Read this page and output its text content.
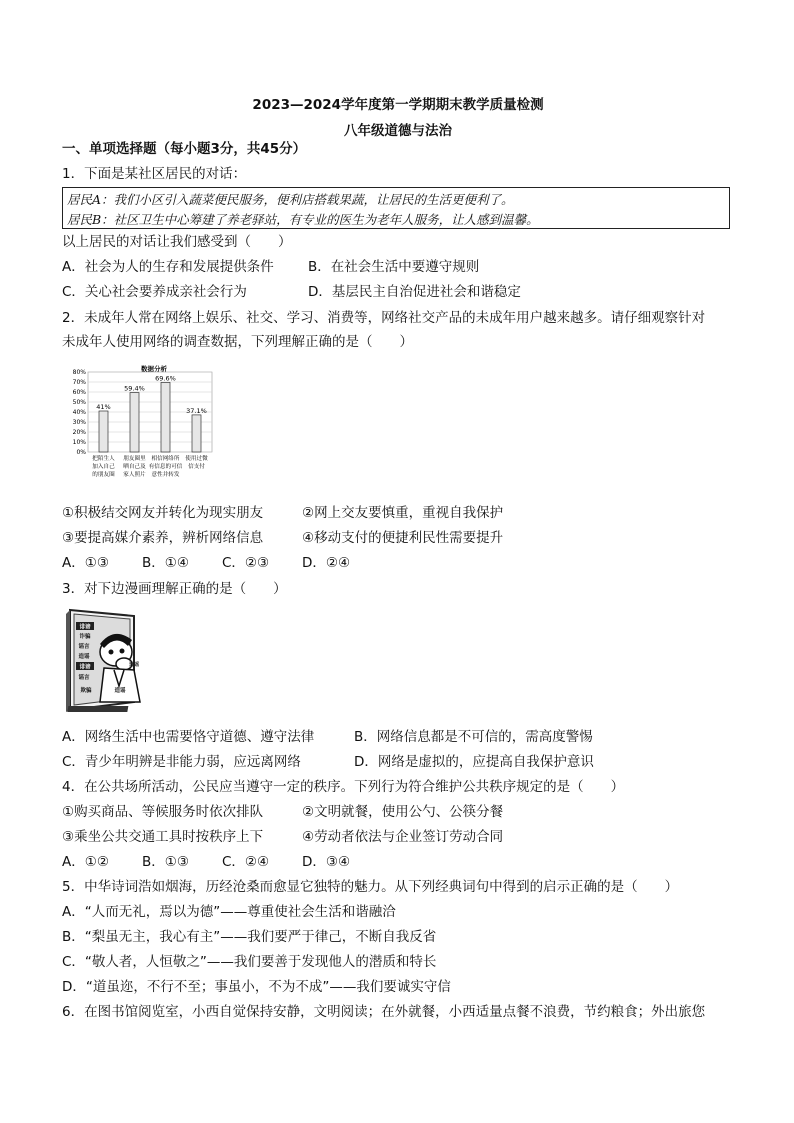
2023—2024学年度第一学期期末教学质量检测
八年级道德与法治
一、单项选择题（每小题3分，共45分）
1．下面是某社区居民的对话：
居民A：我们小区引入蔬菜便民服务，便利店搭载果蔬，让居民的生活更便利了。
居民B：社区卫生中心筹建了养老驿站，有专业的医生为老年人服务，让人感到温馨。
以上居民的对话让我们感受到（　　）
A．社会为人的生存和发展提供条件	B．在社会生活中要遵守规则
C．关心社会要养成亲社会行为	D．基层民主自治促进社会和谐稳定
2．未成年人常在网络上娱乐、社交、学习、消费等，网络社交产品的未成年用户越来越多。请仔细观察针对
未成年人使用网络的调查数据，下列理解正确的是（　　）
数据分析
80%
70%
60%
50%
40%
30%
20%
10%
0%
41%
把陌生人
加入自己
的朋友圈
59.4%
朋友圈里
晒自己及
家人照片
69.6%
相信网络所
有信息的可信
意性并转发
37.1%
使用过微
信支付
①积极结交网友并转化为现实朋友	②网上交友要慎重，重视自我保护
③要提高媒介素养，辨析网络信息	④移动支付的便捷利民性需要提升
A．①③ B．①④ C．②③ D．②④
3．对下边漫画理解正确的是（　　）
诽谤
诈骗
谣言
造谣
诽谤
谣言
造谣
欺骗	造谣
A．网络生活中也需要恪守道德、遵守法律	B．网络信息都是不可信的，需高度警惕
C．青少年明辨是非能力弱，应远离网络	D．网络是虚拟的，应提高自我保护意识
4．在公共场所活动，公民应当遵守一定的秩序。下列行为符合维护公共秩序规定的是（　　）
①购买商品、等候服务时依次排队	②文明就餐，使用公勺、公筷分餐
③乘坐公共交通工具时按秩序上下	④劳动者依法与企业签订劳动合同
A．①② B．①③ C．②④ D．③④
5．中华诗词浩如烟海，历经沧桑而愈显它独特的魅力。从下列经典词句中得到的启示正确的是（　　）
A．“人而无礼，焉以为德”——尊重使社会生活和谐融洽
B．“梨虽无主，我心有主”——我们要严于律己，不断自我反省
C．“敬人者，人恒敬之”——我们要善于发现他人的潜质和特长
D．“道虽迩，不行不至；事虽小，不为不成”——我们要诚实守信
6．在图书馆阅览室，小西自觉保持安静，文明阅读；在外就餐，小西适量点餐不浪费，节约粮食；外出旅您
